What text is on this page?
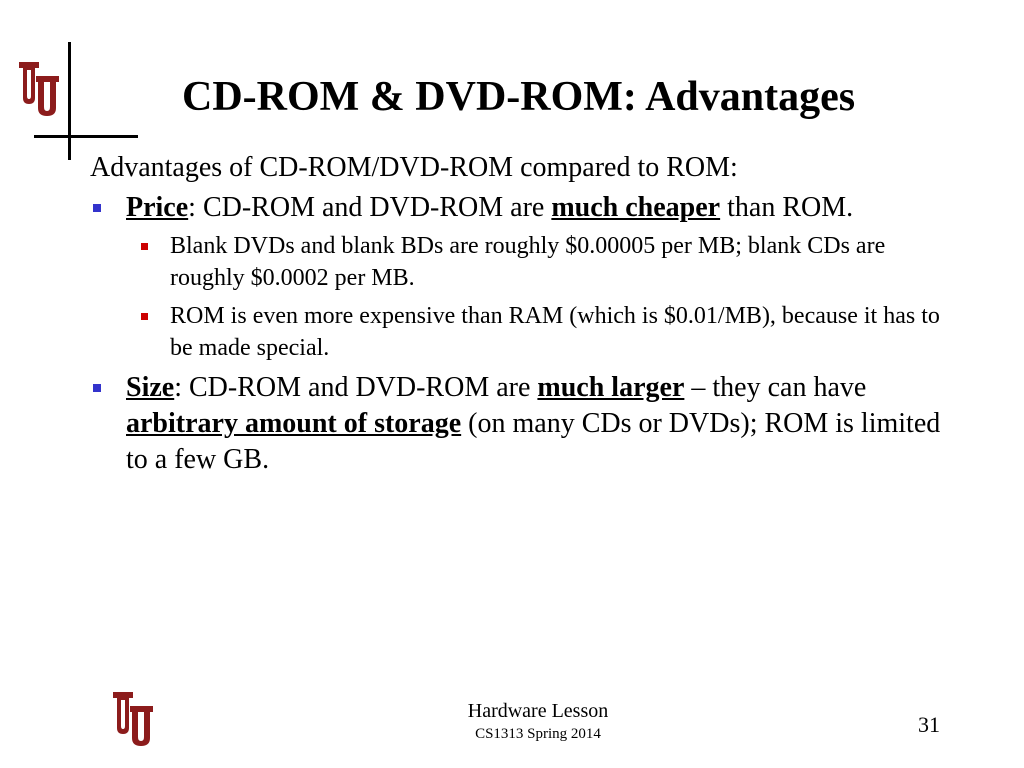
CD-ROM & DVD-ROM: Advantages
Advantages of CD-ROM/DVD-ROM compared to ROM:
Price: CD-ROM and DVD-ROM are much cheaper than ROM.
Blank DVDs and blank BDs are roughly $0.00005 per MB; blank CDs are roughly $0.0002 per MB.
ROM is even more expensive than RAM (which is $0.01/MB), because it has to be made special.
Size: CD-ROM and DVD-ROM are much larger – they can have arbitrary amount of storage (on many CDs or DVDs); ROM is limited to a few GB.
Hardware Lesson
CS1313 Spring 2014	31
